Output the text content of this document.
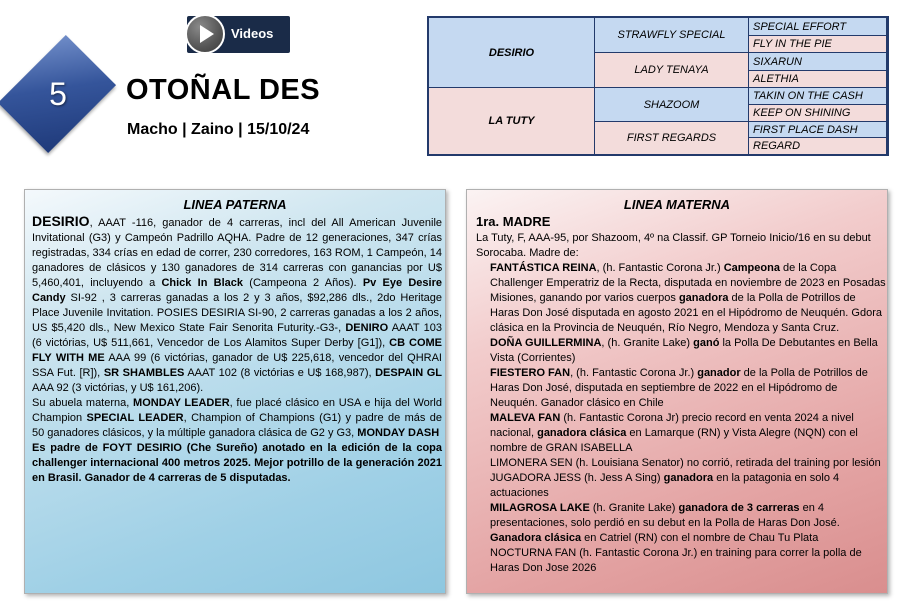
5
Videos
OTOÑAL DES
Macho | Zaino | 15/10/24
DESIRIO
LA TUTY
STRAWFLY SPECIAL
LADY TENAYA
SHAZOOM
FIRST REGARDS
SPECIAL EFFORT
FLY IN THE PIE
SIXARUN
ALETHIA
TAKIN ON THE CASH
KEEP ON SHINING
FIRST PLACE DASH
REGARD
LINEA PATERNA

DESIRIO, AAAT -116, ganador de 4 carreras, incl del All American Juvenile Invitational (G3) y Campeón Padrillo AQHA. Padre de 12 generaciones, 347 crías registradas, 334 crías en edad de correr, 230 corredores, 163 ROM, 1 Campeón, 14 ganadores de clásicos y 130 ganadores de 314 carreras con ganancias por U$ 5,460,401, incluyendo a Chick In Black (Campeona 2 Años). Pv Eye Desire Candy SI-92 , 3 carreras ganadas a los 2 y 3 años, $92,286 dls., 2do Heritage Place Juvenile Invitation. POSIES DESIRIA SI-90, 2 carreras ganadas a los 2 años, US $5,420 dls., New Mexico State Fair Senorita Futurity.-G3-, DENIRO AAAT 103 (6 victórias, U$ 511,661, Vencedor de Los Alamitos Super Derby [G1]), CB COME FLY WITH ME AAA 99 (6 victórias, ganador de U$ 225,618, vencedor del QHRAI SSA Fut. [R]), SR SHAMBLES AAAT 102 (8 victórias e U$ 168,987), DESPAIN GL AAA 92 (3 victórias, y U$ 161,206).

Su abuela materna, MONDAY LEADER, fue placé clásico en USA e hija del World Champion SPECIAL LEADER, Champion of Champions (G1) y padre de más de 50 ganadores clásicos, y la múltiple ganadora clásica de G2 y G3, MONDAY DASH

Es padre de FOYT DESIRIO (Che Sureño) anotado en la edición de la copa challenger internacional 400 metros 2025. Mejor potrillo de la generación 2021 en Brasil. Ganador de 4 carreras de 5 disputadas.

LINEA MATERNA
1ra. MADRE

La Tuty, F, AAA-95, por Shazoom, 4º na Classif. GP Torneio Inicio/16 en su debut Sorocaba. Madre de:

FANTÁSTICA REINA, (h. Fantastic Corona Jr.) Campeona de la Copa Challenger Emperatriz de la Recta, disputada en noviembre de 2023 en Posadas Misiones, ganando por varios cuerpos ganadora de la Polla de Potrillos de Haras Don José disputada en agosto 2021 en el Hipódromo de Neuquén. Gdora clásica en la Provincia de Neuquén, Río Negro, Mendoza y Santa Cruz.

DOÑA GUILLERMINA, (h. Granite Lake) ganó la Polla De Debutantes en Bella Vista (Corrientes)

FIESTERO FAN, (h. Fantastic Corona Jr.) ganador de la Polla de Potrillos de Haras Don José, disputada en septiembre de 2022 en el Hipódromo de Neuquén. Ganador clásico en Chile

MALEVA FAN (h. Fantastic Corona Jr) precio record en venta 2024 a nivel nacional, ganadora clásica en Lamarque (RN) y Vista Alegre (NQN) con el nombre de GRAN ISABELLA

LIMONERA SEN (h. Louisiana Senator) no corrió, retirada del training por lesión

JUGADORA JESS (h. Jess A Sing) ganadora en la patagonia en solo 4 actuaciones

MILAGROSA LAKE (h. Granite Lake) ganadora de 3 carreras en 4 presentaciones, solo perdió en su debut en la Polla de Haras Don José. Ganadora clásica en Catriel (RN) con el nombre de Chau Tu Plata

NOCTURNA FAN (h. Fantastic Corona Jr.) en training para correr la polla de Haras Don Jose 2026
